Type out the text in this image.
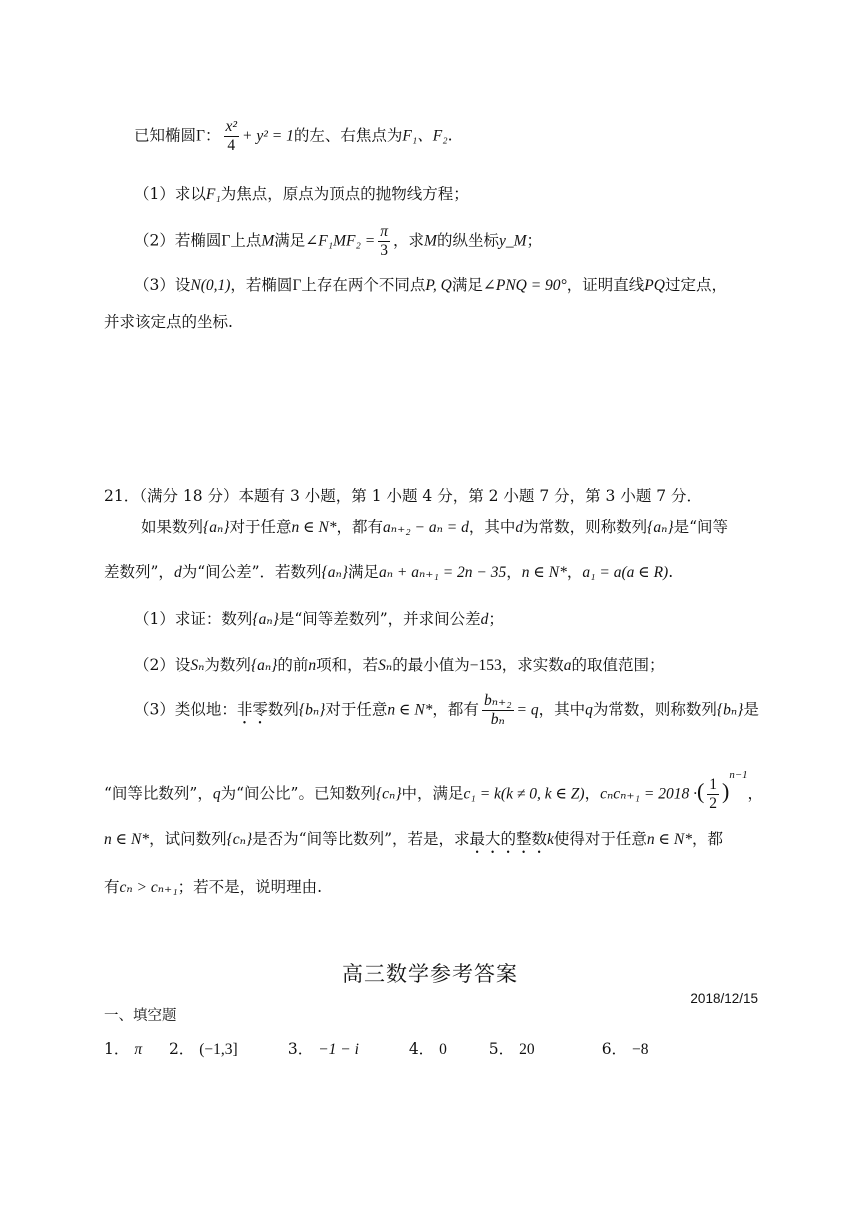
已知椭圆Γ： $\frac{\text{x²}}{4} + y^2 = 1$的左、右焦点为F₁、F₂.
（1）求以F₁为焦点，原点为顶点的抛物线方程；
（2）若椭圆Γ上点M满足∠F₁MF₂ = $\frac{\pi}{3}$ ，求M的纵坐标y_M；
（3）设N(0,1)，若椭圆Γ上存在两个不同点P, Q满足∠PNQ = 90°，证明直线PQ过定点，
并求该定点的坐标.
21．（满分 18 分）本题有 3 小题，第 1 小题 4 分，第 2 小题 7 分，第 3 小题 7 分．
如果数列{aₙ}对于任意n ∈ N*，都有aₙ₊₂ − aₙ = d，其中d为常数，则称数列{aₙ}是“间等
差数列”，d为“间公差”．若数列{aₙ}满足aₙ + aₙ₊₁ = 2n − 35，n ∈ N*，a₁ = a(a ∈ R).
（1）求证：数列{aₙ}是“间等差数列”，并求间公差d；
（2）设Sₙ为数列{aₙ}的前n项和，若Sₙ的最小值为−153，求实数a的取值范围；
（3）类似地：非零数列{bₙ}对于任意n ∈ N*，都有 $\frac{\text{bₙ₊₂}}{\text{bₙ}} = q$，其中q为常数，则称数列{bₙ}是
“间等比数列”，q为“间公比”。已知数列{cₙ}中，满足c₁ = k(k ≠ 0, k ∈ Z)，cₙcₙ₊₁ = 2018 ·( $\frac{1}{2} )^{n-1}$，
n ∈ N*，试问数列{cₙ}是否为“间等比数列”，若是，求最大的整数k使得对于任意n ∈ N*，都
有cₙ > cₙ₊₁；若不是，说明理由.
高三数学参考答案
2018/12/15
一、填空题
1． π 2． (−1,3]	3． −1 − i	4． 0	5． 20	6． −8
